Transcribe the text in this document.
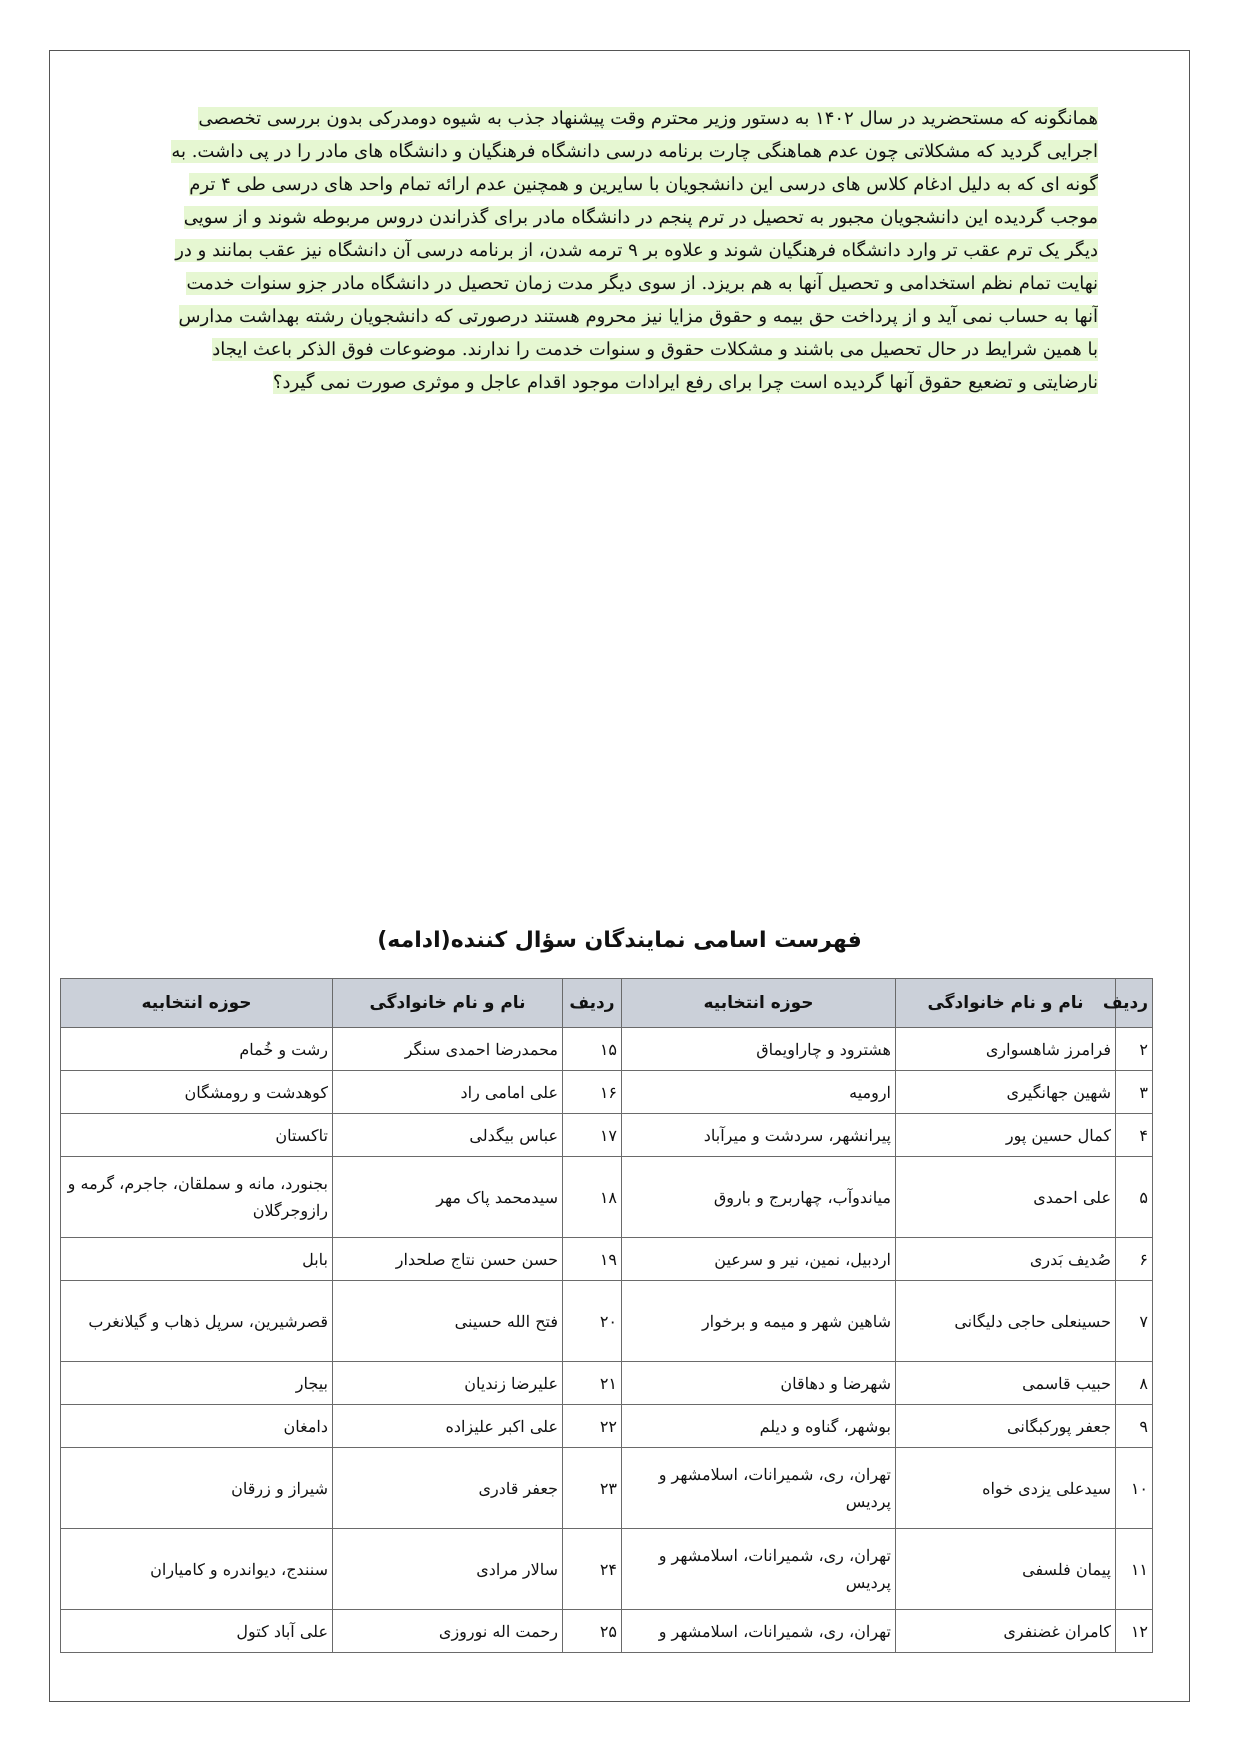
همانگونه که مستحضرید در سال ۱۴۰۲ به دستور وزیر محترم وقت پیشنهاد جذب به شیوه دومدرکی بدون بررسی تخصصی
اجرایی گردید که مشکلاتی چون عدم هماهنگی چارت برنامه درسی دانشگاه فرهنگیان و دانشگاه های مادر را در پی داشت. به
گونه ای که به دلیل ادغام کلاس های درسی این دانشجویان با سایرین و همچنین عدم ارائه تمام واحد های درسی طی ۴ ترم
موجب گردیده این دانشجویان مجبور به تحصیل در ترم پنجم در دانشگاه مادر برای گذراندن دروس مربوطه شوند و از سویی
دیگر یک ترم عقب تر وارد دانشگاه فرهنگیان شوند و علاوه بر ۹ ترمه شدن، از برنامه درسی آن دانشگاه نیز عقب بمانند و در
نهایت تمام نظم استخدامی و تحصیل آنها به هم بریزد. از سوی دیگر مدت زمان تحصیل در دانشگاه مادر جزو سنوات خدمت
آنها به حساب نمی آید و از پرداخت حق بیمه و حقوق مزایا نیز محروم هستند درصورتی که دانشجویان رشته بهداشت مدارس
با همین شرایط در حال تحصیل می باشند و مشکلات حقوق و سنوات خدمت را ندارند. موضوعات فوق الذکر باعث ایجاد
نارضایتی و تضعیع حقوق آنها گردیده است چرا برای رفع ایرادات موجود اقدام عاجل و موثری صورت نمی گیرد؟
فهرست اسامی نمایندگان سؤال کننده(ادامه)
ردیف	نام و نام خانوادگی	حوزه انتخابیه	ردیف	نام و نام خانوادگی	حوزه انتخابیه
۲	فرامرز شاهسواری	هشترود و چاراویماق	۱۵	محمدرضا احمدی سنگر	رشت و خُمام
۳	شهین جهانگیری	ارومیه	۱۶	علی امامی راد	کوهدشت و رومشگان
۴	کمال حسین پور	پیرانشهر، سردشت و میرآباد	۱۷	عباس بیگدلی	تاکستان
۵	علی احمدی	میاندوآب، چهاربرج و باروق	۱۸	سیدمحمد پاک مهر	بجنورد، مانه و سملقان، جاجرم، گرمه و رازوجرگلان
۶	صُدیف بَدری	اردبیل، نمین، نیر و سرعین	۱۹	حسن حسن نتاج صلحدار	بابل
۷	حسینعلی حاجی دلیگانی	شاهین شهر و میمه و برخوار	۲۰	فتح الله حسینی	قصرشیرین، سرپل ذهاب و گیلانغرب
۸	حبیب قاسمی	شهرضا و دهاقان	۲۱	علیرضا زندیان	بیجار
۹	جعفر پورکبگانی	بوشهر، گناوه و دیلم	۲۲	علی اکبر علیزاده	دامغان
۱۰	سیدعلی یزدی خواه	تهران، ری، شمیرانات، اسلامشهر و پردیس	۲۳	جعفر قادری	شیراز و زرقان
۱۱	پیمان فلسفی	تهران، ری، شمیرانات، اسلامشهر و پردیس	۲۴	سالار مرادی	سنندج، دیواندره و کامیاران
۱۲	کامران غضنفری	تهران، ری، شمیرانات، اسلامشهر و	۲۵	رحمت اله نوروزی	علی آباد کتول
